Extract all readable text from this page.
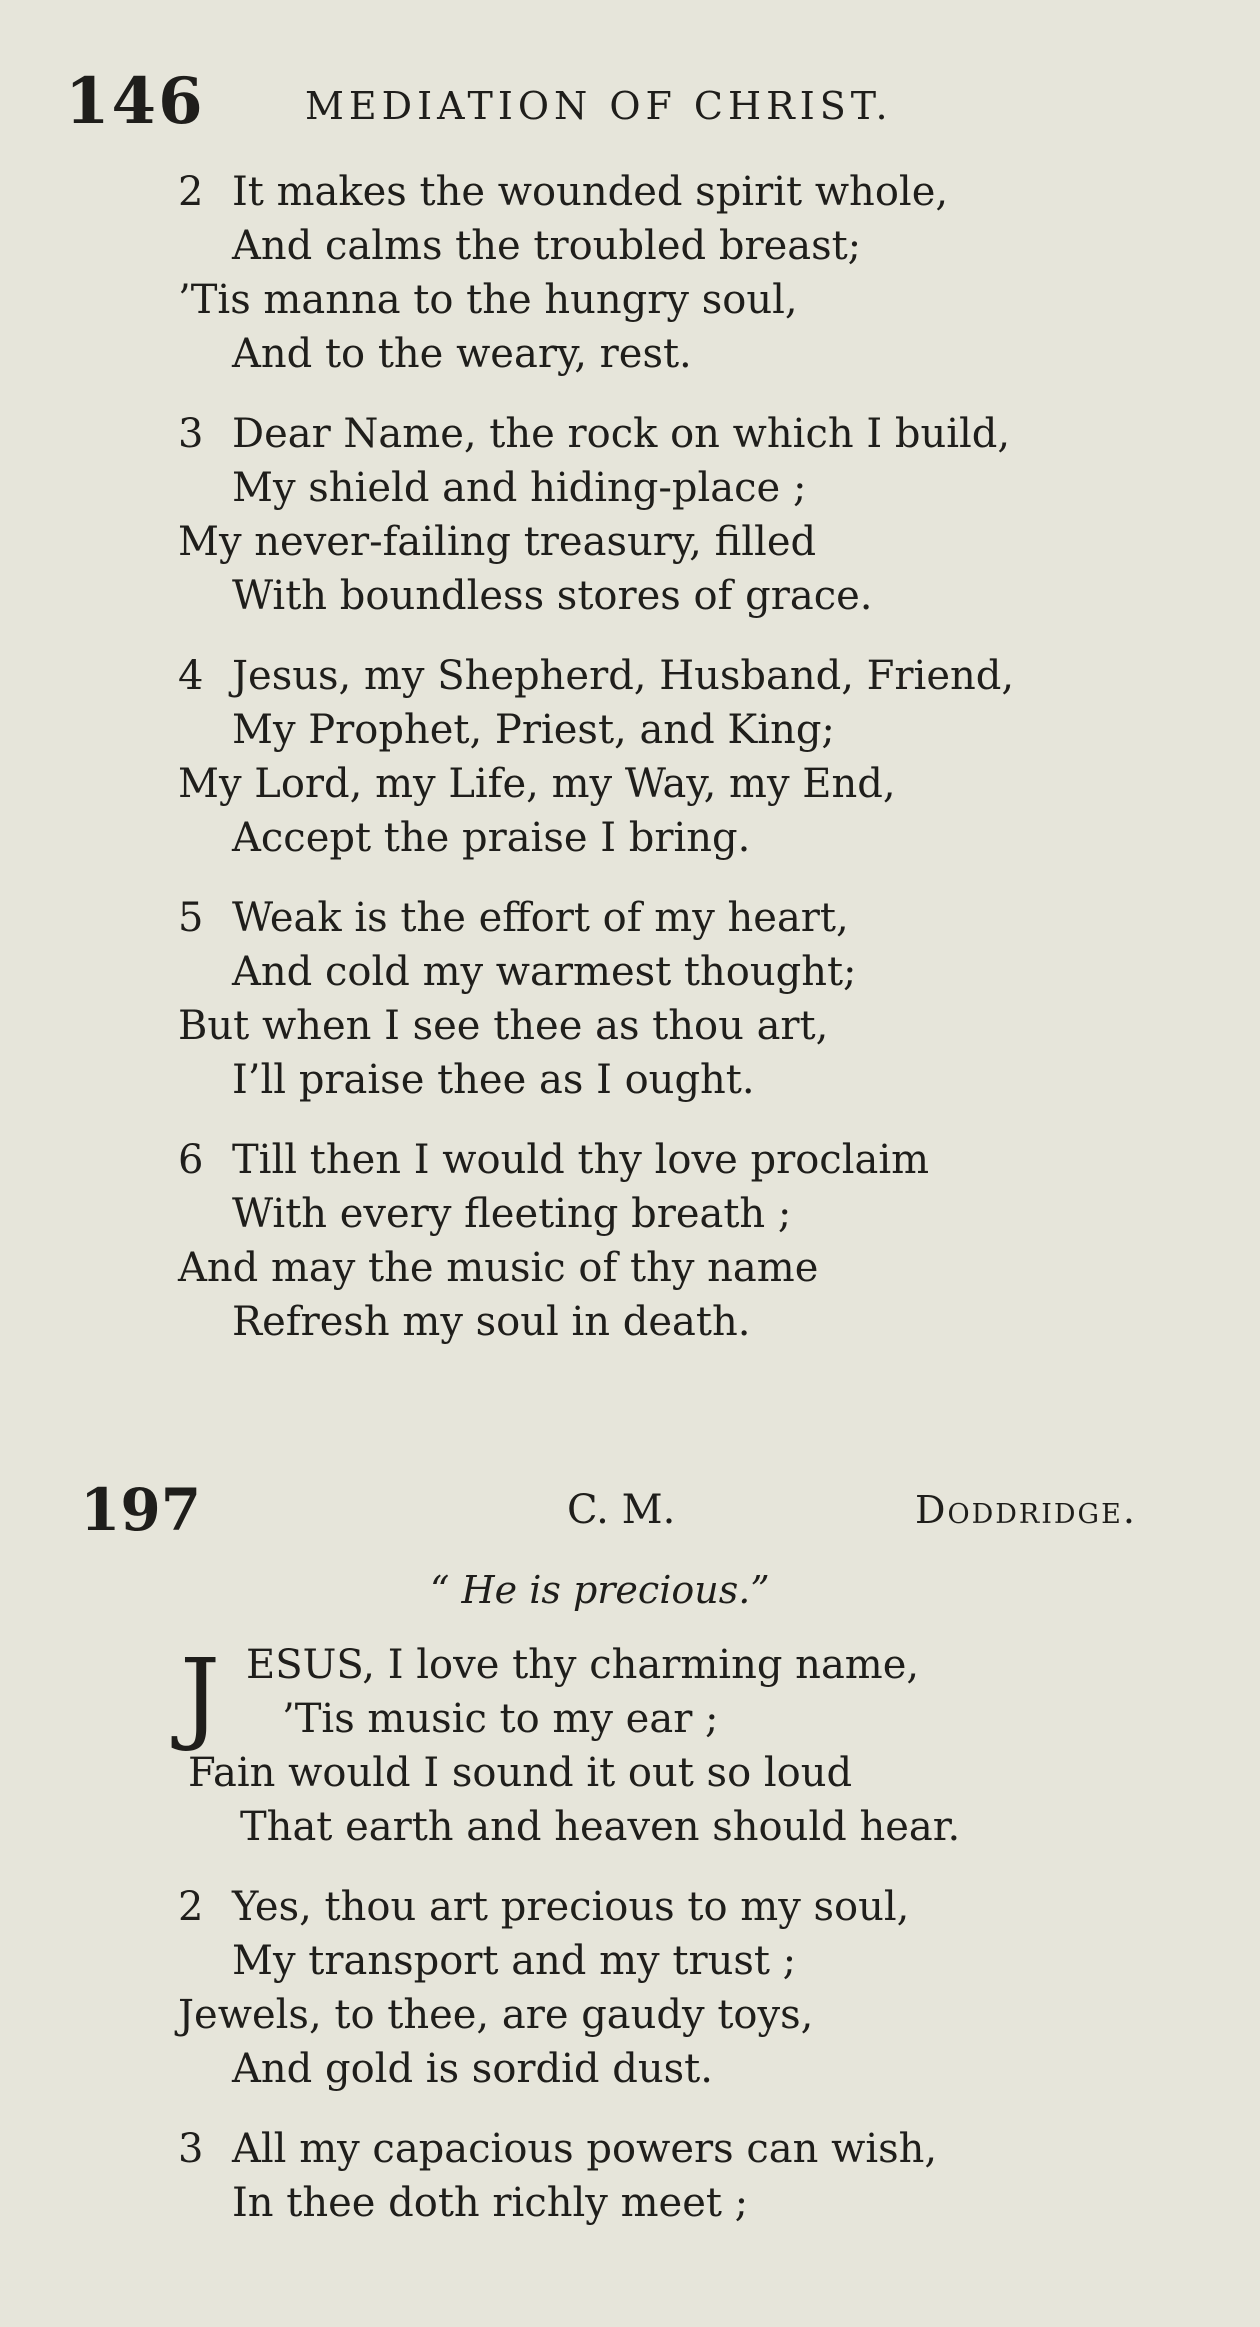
146	MEDIATION OF CHRIST.
2 It makes the wounded spirit whole,
And calms the troubled breast;
’Tis manna to the hungry soul,
And to the weary, rest.
3 Dear Name, the rock on which I build,
My shield and hiding-place ;
My never-failing treasury, filled
With boundless stores of grace.
4 Jesus, my Shepherd, Husband, Friend,
My Prophet, Priest, and King;
My Lord, my Life, my Way, my End,
Accept the praise I bring.
5 Weak is the effort of my heart,
And cold my warmest thought;
But when I see thee as thou art,
I’ll praise thee as I ought.
6 Till then I would thy love proclaim
With every fleeting breath ;
And may the music of thy name
Refresh my soul in death.
197	C. M.	Doddridge.
“ He is precious.”
J ESUS, I love thy charming name,
’Tis music to my ear ;
Fain would I sound it out so loud
That earth and heaven should hear.
2 Yes, thou art precious to my soul,
My transport and my trust ;
Jewels, to thee, are gaudy toys,
And gold is sordid dust.
3 All my capacious powers can wish,
In thee doth richly meet ;
